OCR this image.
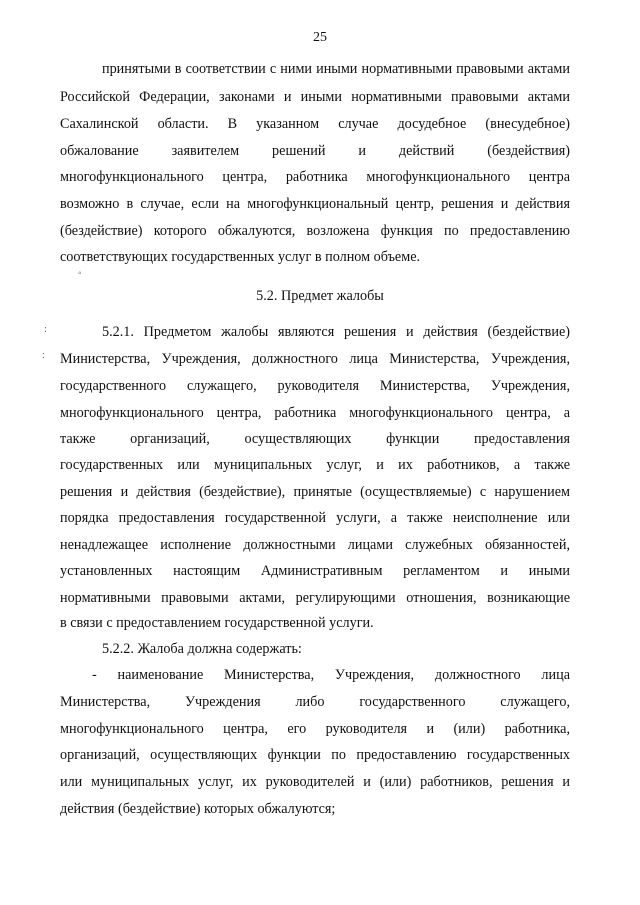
25
принятыми в соответствии с ними иными нормативными правовыми актами
Российской Федерации, законами и иными нормативными правовыми актами
Сахалинской области. В указанном случае досудебное (внесудебное)
обжалование заявителем решений и действий (бездействия)
многофункционального центра, работника многофункционального центра
возможно в случае, если на многофункциональный центр, решения и действия
(бездействие) которого обжалуются, возложена функция по предоставлению
соответствующих государственных услуг в полном объеме.
◦
5.2. Предмет жалобы
:
:
5.2.1. Предметом жалобы являются решения и действия (бездействие)
Министерства, Учреждения, должностного лица Министерства, Учреждения,
государственного служащего, руководителя Министерства, Учреждения,
многофункционального центра, работника многофункционального центра, а
также организаций, осуществляющих функции предоставления
государственных или муниципальных услуг, и их работников, а также
решения и действия (бездействие), принятые (осуществляемые) с нарушением
порядка предоставления государственной услуги, а также неисполнение или
ненадлежащее исполнение должностными лицами служебных обязанностей,
установленных настоящим Административным регламентом и иными
нормативными правовыми актами, регулирующими отношения, возникающие
в связи с предоставлением государственной услуги.
5.2.2. Жалоба должна содержать:
- наименование Министерства, Учреждения, должностного лица
Министерства, Учреждения либо государственного служащего,
многофункционального центра, его руководителя и (или) работника,
организаций, осуществляющих функции по предоставлению государственных
или муниципальных услуг, их руководителей и (или) работников, решения и
действия (бездействие) которых обжалуются;
